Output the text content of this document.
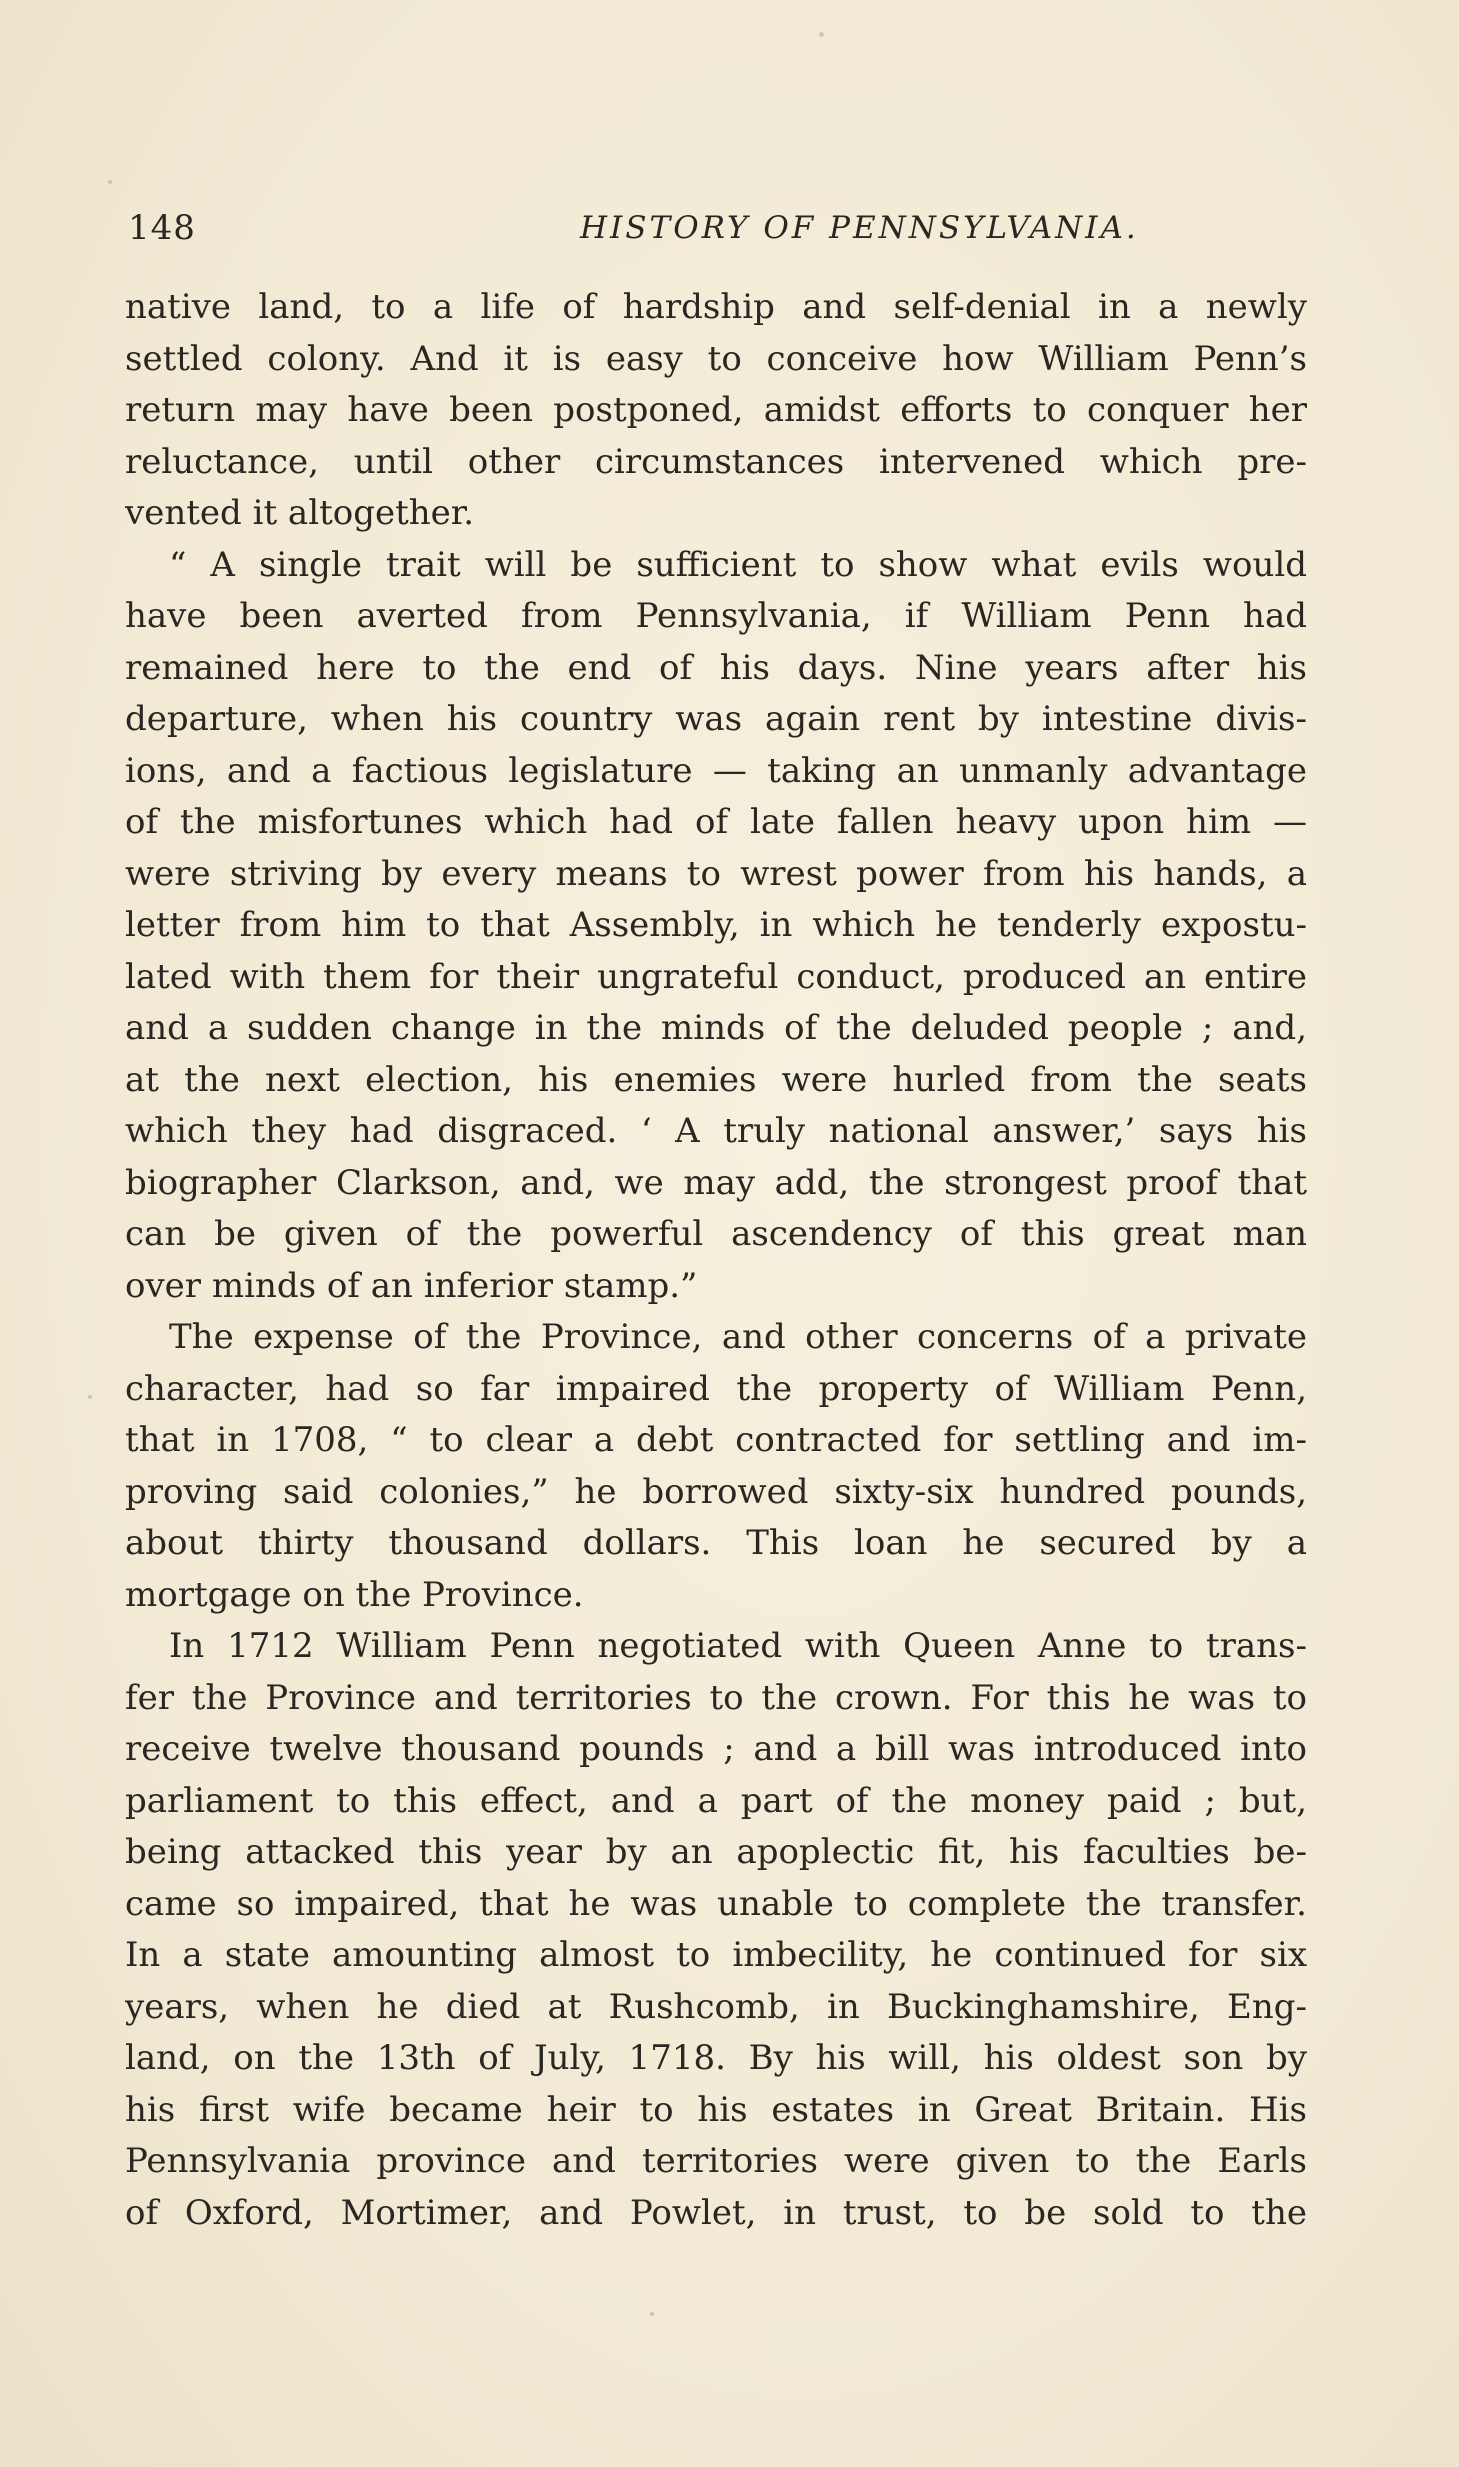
148	HISTORY OF PENNSYLVANIA.
native land, to a life of hardship and self-denial in a newly
settled colony. And it is easy to conceive how William Penn’s
return may have been postponed, amidst efforts to conquer her
reluctance, until other circumstances intervened which pre-
vented it altogether.
“ A single trait will be sufficient to show what evils would
have been averted from Pennsylvania, if William Penn had
remained here to the end of his days. Nine years after his
departure, when his country was again rent by intestine divis-
ions, and a factious legislature — taking an unmanly advantage
of the misfortunes which had of late fallen heavy upon him —
were striving by every means to wrest power from his hands, a
letter from him to that Assembly, in which he tenderly expostu-
lated with them for their ungrateful conduct, produced an entire
and a sudden change in the minds of the deluded people ; and,
at the next election, his enemies were hurled from the seats
which they had disgraced. ‘ A truly national answer,’ says his
biographer Clarkson, and, we may add, the strongest proof that
can be given of the powerful ascendency of this great man
over minds of an inferior stamp.”
The expense of the Province, and other concerns of a private
character, had so far impaired the property of William Penn,
that in 1708, “ to clear a debt contracted for settling and im-
proving said colonies,” he borrowed sixty-six hundred pounds,
about thirty thousand dollars. This loan he secured by a
mortgage on the Province.
In 1712 William Penn negotiated with Queen Anne to trans-
fer the Province and territories to the crown. For this he was to
receive twelve thousand pounds ; and a bill was introduced into
parliament to this effect, and a part of the money paid ; but,
being attacked this year by an apoplectic fit, his faculties be-
came so impaired, that he was unable to complete the transfer.
In a state amounting almost to imbecility, he continued for six
years, when he died at Rushcomb, in Buckinghamshire, Eng-
land, on the 13th of July, 1718. By his will, his oldest son by
his first wife became heir to his estates in Great Britain. His
Pennsylvania province and territories were given to the Earls
of Oxford, Mortimer, and Powlet, in trust, to be sold to the
